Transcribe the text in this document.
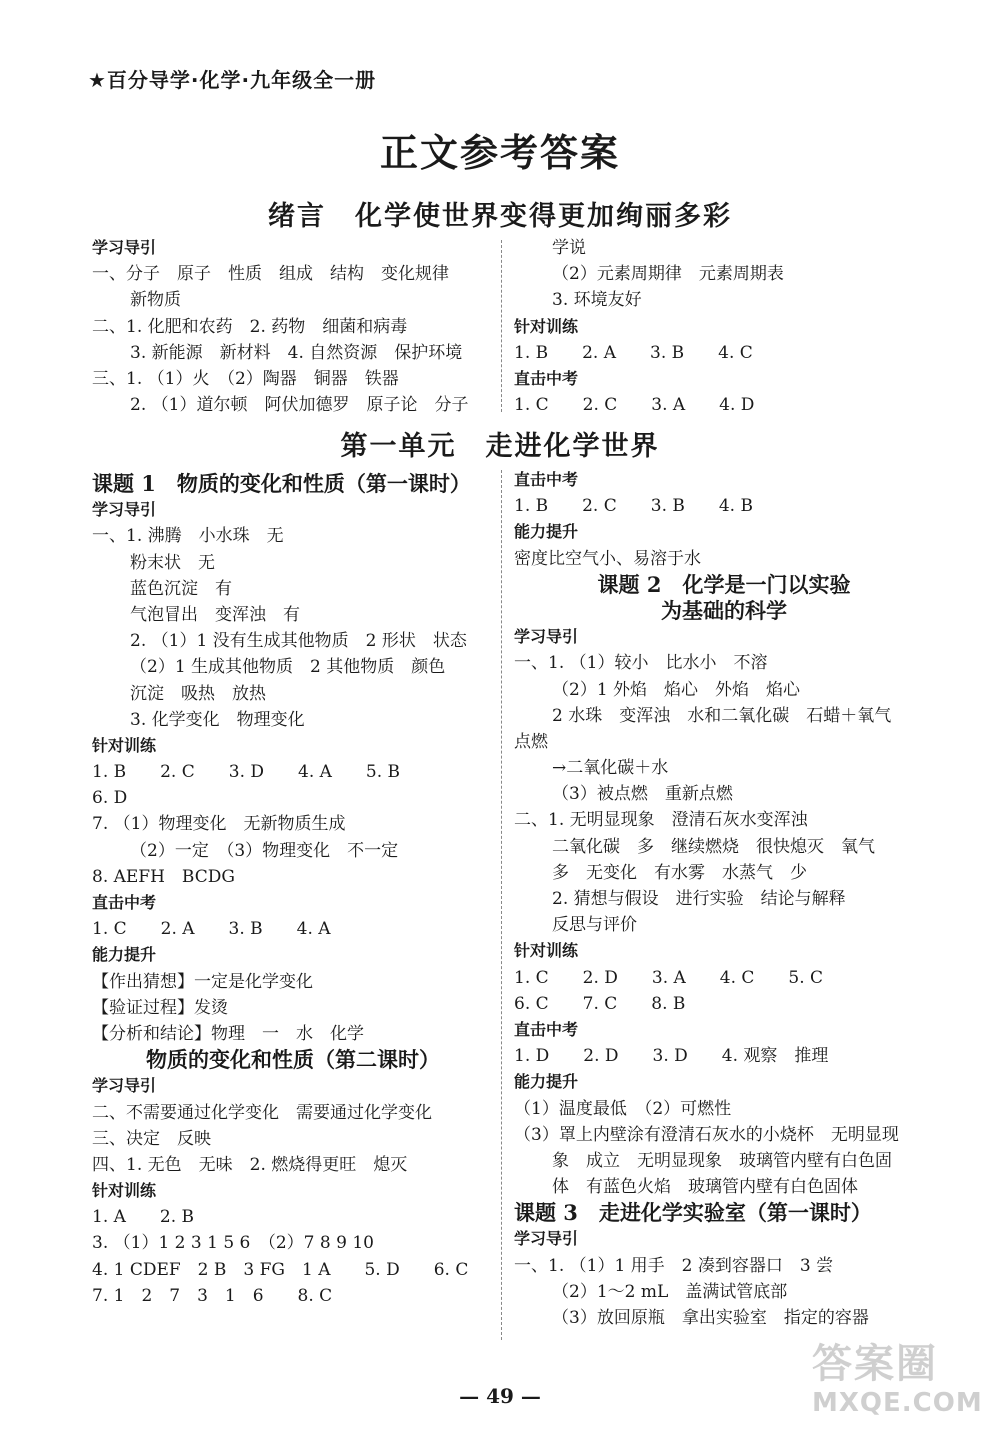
★百分导学·化学·九年级全一册
正文参考答案
绪言　化学使世界变得更加绚丽多彩
学习导引
一、分子　原子　性质　组成　结构　变化规律
新物质
二、1. 化肥和农药　2. 药物　细菌和病毒
3. 新能源　新材料　4. 自然资源　保护环境
三、1. （1）火　（2）陶器　铜器　铁器
2. （1）道尔顿　阿伏加德罗　原子论　分子
学说
（2）元素周期律　元素周期表
3. 环境友好
针对训练
1. B　　2. A　　3. B　　4. C
直击中考
1. C　　2. C　　3. A　　4. D
第一单元　走进化学世界
课题 1　物质的变化和性质（第一课时）
学习导引
一、1. 沸腾　小水珠　无
粉末状　无
蓝色沉淀　有
气泡冒出　变浑浊　有
2. （1）1 没有生成其他物质　2 形状　状态
（2）1 生成其他物质　2 其他物质　颜色
沉淀　吸热　放热
3. 化学变化　物理变化
针对训练
1. B　　2. C　　3. D　　4. A　　5. B
6. D
7. （1）物理变化　无新物质生成
（2）一定　（3）物理变化　不一定
8. AEFH　BCDG
直击中考
1. C　　2. A　　3. B　　4. A
能力提升
【作出猜想】一定是化学变化
【验证过程】发烫
【分析和结论】物理　一　水　化学
物质的变化和性质（第二课时）
学习导引
二、不需要通过化学变化　需要通过化学变化
三、决定　反映
四、1. 无色　无味　2. 燃烧得更旺　熄灭
针对训练
1. A　　2. B
3. （1）1 2 3 1 5 6　（2）7 8 9 10
4. 1 CDEF　2 B　3 FG　1 A　　5. D　　6. C
7. 1　2　7　3　1　6　　8. C
直击中考
1. B　　2. C　　3. B　　4. B
能力提升
密度比空气小、易溶于水
课题 2　化学是一门以实验
为基础的科学
学习导引
一、1. （1）较小　比水小　不溶
（2）1 外焰　焰心　外焰　焰心
2 水珠　变浑浊　水和二氧化碳　石蜡＋氧气
点燃
→二氧化碳＋水
（3）被点燃　重新点燃
二、1. 无明显现象　澄清石灰水变浑浊
二氧化碳　多　继续燃烧　很快熄灭　氧气
多　无变化　有水雾　水蒸气　少
2. 猜想与假设　进行实验　结论与解释
反思与评价
针对训练
1. C　　2. D　　3. A　　4. C　　5. C
6. C　　7. C　　8. B
直击中考
1. D　　2. D　　3. D　　4. 观察　推理
能力提升
（1）温度最低　（2）可燃性
（3）罩上内壁涂有澄清石灰水的小烧杯　无明显现
象　成立　无明显现象　玻璃管内壁有白色固
体　有蓝色火焰　玻璃管内壁有白色固体
课题 3　走进化学实验室（第一课时）
学习导引
一、1. （1）1 用手　2 凑到容器口　3 尝
（2）1～2 mL　盖满试管底部
（3）放回原瓶　拿出实验室　指定的容器
— 49 —
答案圈
MXQE.COM
